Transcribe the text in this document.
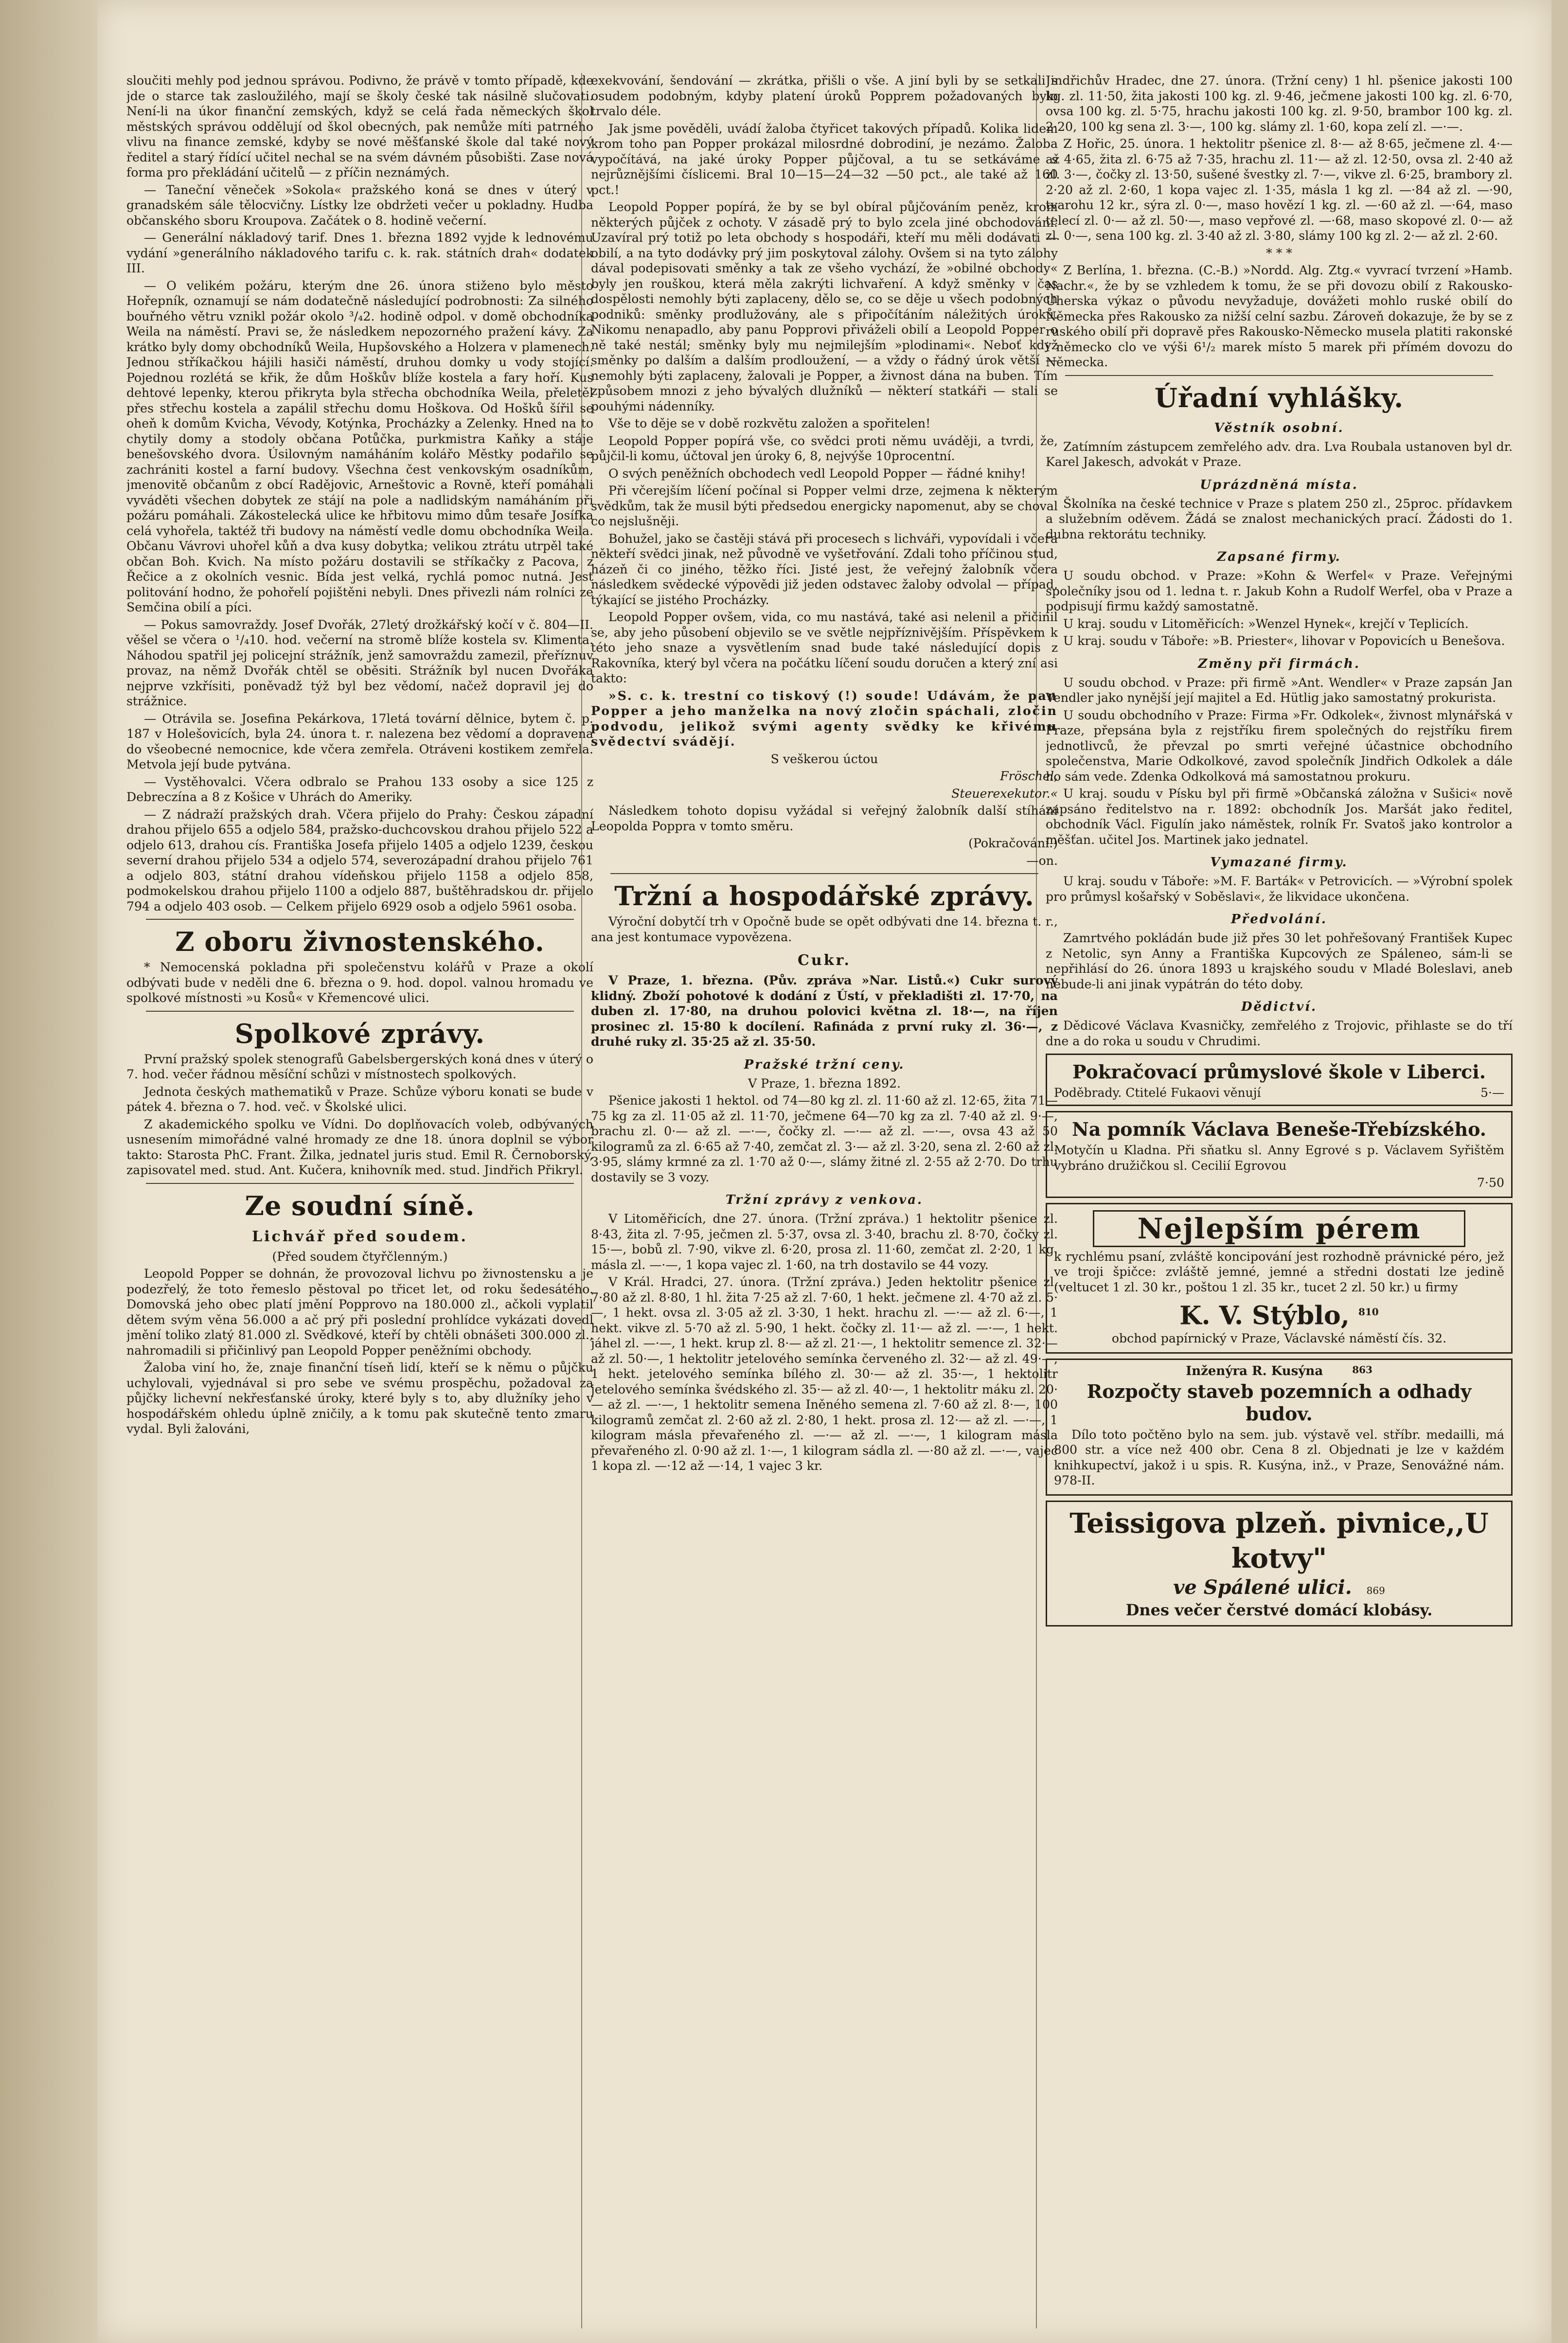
sloučiti mehly pod jednou správou. Podivno, že právě v tomto případě, kde jde o starce tak zasloužilého, mají se školy české tak násilně slučovati. Není-li na úkor finanční zemských, když se celá řada německých škol městských správou oddělují od škol obecných, pak nemůže míti patrného vlivu na finance zemské, kdyby se nové měšťanské škole dal také nový ředitel a starý řídící učitel nechal se na svém dávném působišti. Zase nová forma pro překládání učitelů — z příčin neznámých.

— Taneční věneček »Sokola« pražského koná se dnes v úterý v granadském sále tělocvičny. Lístky lze obdržeti večer u pokladny. Hudba občanského sboru Kroupova. Začátek o 8. hodině večerní.

— Generální nákladový tarif. Dnes 1. března 1892 vyjde k lednovému vydání »generálního nákladového tarifu c. k. rak. státních drah« dodatek III.

— O velikém požáru, kterým dne 26. února stiženo bylo město Hořepník, oznamují se nám dodatečně následující podrobnosti: Za silného bouřného větru vznikl požár okolo ³/₄2. hodině odpol. v domě obchodníka Weila na náměstí. Pravi se, že následkem nepozorného pražení kávy. Za krátko byly domy obchodníků Weila, Hupšovského a Holzera v plamenech. Jednou stříkačkou hájili hasiči náměstí, druhou domky u vody stojící. Pojednou rozlétá se křik, že dům Hoškův blíže kostela a fary hoří. Kus dehtové lepenky, kterou přikryta byla střecha obchodníka Weila, přeletěl přes střechu kostela a zapálil střechu domu Hoškova. Od Hošků šířil se oheň k domům Kvicha, Vévody, Kotýnka, Procházky a Zelenky. Hned na to chytily domy a stodoly občana Potůčka, purkmistra Kaňky a stáje benešovského dvora. Úsilovným namáháním kolářo Městky podařilo se zachrániti kostel a farní budovy. Všechna čest venkovským osadníkům, jmenovitě občanům z obcí Radějovic, Arneštovic a Rovně, kteří pomáhali vyváděti všechen dobytek ze stájí na pole a nadlidským namáháním při požáru pomáhali. Zákostelecká ulice ke hřbitovu mimo dům tesaře Josífka celá vyhořela, taktéž tři budovy na náměstí vedle domu obchodníka Weila. Občanu Vávrovi uhořel kůň a dva kusy dobytka; velikou ztrátu utrpěl také občan Boh. Kvich. Na místo požáru dostavili se stříkačky z Pacova, z Řečice a z okolních vesnic. Bída jest velká, rychlá pomoc nutná. Jest politování hodno, že pohořelí pojištěni nebyli. Dnes přivezli nám rolníci ze Semčina obilí a píci.

— Pokus samovraždy. Josef Dvořák, 27letý drožkářský kočí v č. 804—II. věšel se včera o ¹/₄10. hod. večerní na stromě blíže kostela sv. Klimenta. Náhodou spatřil jej policejní strážník, jenž samovraždu zamezil, přeříznuv provaz, na němž Dvořák chtěl se oběsiti. Strážník byl nucen Dvořáka nejprve vzkřísiti, poněvadž týž byl bez vědomí, načež dopravil jej do strážnice.

— Otrávila se. Josefina Pekárkova, 17letá tovární dělnice, bytem č. p. 187 v Holešovicích, byla 24. února t. r. nalezena bez vědomí a dopravena do všeobecné nemocnice, kde včera zemřela. Otráveni kostikem zemřela. Metvola její bude pytvána.

— Vystěhovalci. Včera odbralo se Prahou 133 osoby a sice 125 z Debreczína a 8 z Košice v Uhrách do Ameriky.

— Z nádraží pražských drah. Včera přijelo do Prahy: Českou západní drahou přijelo 655 a odjelo 584, pražsko-duchcovskou drahou přijelo 522 a odjelo 613, drahou cís. Františka Josefa přijelo 1405 a odjelo 1239, českou severní drahou přijelo 534 a odjelo 574, severozápadní drahou přijelo 761 a odjelo 803, státní drahou vídeňskou přijelo 1158 a odjelo 858, podmokelskou drahou přijelo 1100 a odjelo 887, buštěhradskou dr. přijelo 794 a odjelo 403 osob. — Celkem přijelo 6929 osob a odjelo 5961 osoba.

Z oboru živnostenského.

* Nemocenská pokladna při společenstvu kolářů v Praze a okolí odbývati bude v neděli dne 6. března o 9. hod. dopol. valnou hromadu ve spolkové místnosti »u Kosů« v Křemencové ulici.

Spolkové zprávy.

První pražský spolek stenografů Gabelsbergerských koná dnes v úterý o 7. hod. večer řádnou měsíční schůzi v místnostech spolkových.

Jednota českých mathematiků v Praze. Schůze výboru konati se bude v pátek 4. března o 7. hod. več. v Školské ulici.

Z akademického spolku ve Vídni. Do doplňovacích voleb, odbývaných usnesením mimořádné valné hromady ze dne 18. února doplnil se výbor takto: Starosta PhC. Frant. Žilka, jednatel juris stud. Emil R. Černoborský, zapisovatel med. stud. Ant. Kučera, knihovník med. stud. Jindřich Přikryl.

Ze soudní síně.
Lichvář před soudem.

(Před soudem čtyřčlenným.)

Leopold Popper se dohnán, že provozoval lichvu po živnostensku a je podezřelý, že toto řemeslo pěstoval po třicet let, od roku šedesátého. Domovská jeho obec platí jmění Popprovo na 180.000 zl., ačkoli vyplatil dětem svým věna 56.000 a ač prý při poslední prohlídce vykázati dovedl jmění toliko zlatý 81.000 zl. Svědkové, kteří by chtěli obnášeti 300.000 zl., nahromadili si přičinlivý pan Leopold Popper peněžními obchody.

Žaloba viní ho, že, znaje finanční tíseň lidí, kteří se k němu o půjčku uchylovali, vyjednával si pro sebe ve svému prospěchu, požadoval za půjčky lichevní nekřesťanské úroky, které byly s to, aby dlužníky jeho v hospodářském ohledu úplně zničily, a k tomu pak skutečně tento zmaru vydal. Byli žalováni,

exekvování, šendování — zkrátka, přišli o vše. A jiní byli by se setkali s osudem podobným, kdyby platení úroků Popprem požadovaných bylo trvalo déle.

Jak jsme pověděli, uvádí žaloba čtyřicet takových případů. Kolika lidem krom toho pan Popper prokázal milosrdné dobrodiní, je nezámo. Žaloba vypočítává, na jaké úroky Popper půjčoval, a tu se setkáváme s nejrůznějšími číslicemi. Bral 10—15—24—32 —50 pct., ale také až 160 pct.!

Leopold Popper popírá, že by se byl obíral půjčováním peněz, krom některých půjček z ochoty. V zásadě prý to bylo zcela jiné obchodování. Uzavíral prý totiž po leta obchody s hospodáři, kteří mu měli dodávati — obilí, a na tyto dodávky prý jim poskytoval zálohy. Ovšem si na tyto zálohy dával podepisovati směnky a tak ze všeho vychází, že »obilné obchody« byly jen rouškou, která měla zakrýti lichvaření. A když směnky v čas dospělosti nemohly býti zaplaceny, dělo se, co se děje u všech podobných podniků: směnky prodlužovány, ale s připočítáním náležitých úroků. Nikomu nenapadlo, aby panu Popprovi přiváželi obilí a Leopold Popper o ně také nestál; směnky byly mu nejmilejším »plodinami«. Neboť když směnky po dalším a dalším prodloužení, — a vždy o řádný úrok větší — nemohly býti zaplaceny, žalovali je Popper, a živnost dána na buben. Tím způsobem mnozi z jeho bývalých dlužníků — některí statkáři — stali se pouhými nádenníky.

Vše to děje se v době rozkvětu založen a spořitelen!

Leopold Popper popírá vše, co svědci proti němu uváději, a tvrdi, že, půjčil-li komu, účtoval jen úroky 6, 8, nejvýše 10procentní.

O svých peněžních obchodech vedl Leopold Popper — řádné knihy!

Při včerejším líčení počínal si Popper velmi drze, zejmena k některým svědkům, tak že musil býti předsedou energicky napomenut, aby se choval co nejslušněji.

Bohužel, jako se častěji stává při procesech s lichváři, vypovídali i včera někteří svědci jinak, než původně ve vyšetřování. Zdali toho příčinou stud, házeň či co jiného, těžko říci. Jisté jest, že veřejný žalobník včera následkem svědecké výpovědi již jeden odstavec žaloby odvolal — případ, týkající se jistého Procházky.

Leopold Popper ovšem, vida, co mu nastává, také asi nelenil a přičinil se, aby jeho působení objevilo se ve světle nejpříznivějším. Příspěvkem k této jeho snaze a vysvětlením snad bude také následující dopis z Rakovníka, který byl včera na počátku líčení soudu doručen a který zní asi takto:

»S. c. k. trestní co tiskový (!) soude! Udávám, že pan Popper a jeho manželka na nový zločin spáchali, zločin podvodu, jelikož svými agenty svědky ke křivému svědectví svádějí.

S veškerou úctou

Fröschel,

Steuerexekutor.«

Následkem tohoto dopisu vyžádal si veřejný žalobník další stíhání Leopolda Poppra v tomto směru.

(Pokračování.)

—on.

Tržní a hospodářské zprávy.

Výroční dobytčí trh v Opočně bude se opět odbývati dne 14. března t. r., ana jest kontumace vypovězena.

Cukr.

V Praze, 1. března. (Pův. zpráva »Nar. Listů.«) Cukr surový klidný. Zboží pohotové k dodání z Ústí, v překladišti zl. 17·70, na duben zl. 17·80, na druhou polovici května zl. 18·—, na říjen prosinec zl. 15·80 k docílení. Rafináda z první ruky zl. 36·—, z druhé ruky zl. 35·25 až zl. 35·50.

Pražské tržní ceny.

V Praze, 1. března 1892.

Pšenice jakosti 1 hektol. od 74—80 kg zl. zl. 11·60 až zl. 12·65, žita 71—75 kg za zl. 11·05 až zl. 11·70, ječmene 64—70 kg za zl. 7·40 až zl. 9·—, brachu zl. 0·— až zl. —·—, čočky zl. —·— až zl. —·—, ovsa 43 až 50 kilogramů za zl. 6·65 až 7·40, zemčat zl. 3·— až zl. 3·20, sena zl. 2·60 až zl. 3·95, slámy krmné za zl. 1·70 až 0·—, slámy žitné zl. 2·55 až 2·70. Do trhu dostavily se 3 vozy.

Tržní zprávy z venkova.

V Litoměřicích, dne 27. února. (Tržní zpráva.) 1 hektolitr pšenice zl. 8·43, žita zl. 7·95, ječmen zl. 5·37, ovsa zl. 3·40, brachu zl. 8·70, čočky zl. 15·—, bobů zl. 7·90, vikve zl. 6·20, prosa zl. 11·60, zemčat zl. 2·20, 1 kg. másla zl. —·—, 1 kopa vajec zl. 1·60, na trh dostavilo se 44 vozy.

V Král. Hradci, 27. února. (Tržní zpráva.) Jeden hektolitr pšenice zl. 7·80 až zl. 8·80, 1 hl. žita 7·25 až zl. 7·60, 1 hekt. ječmene zl. 4·70 až zl. 5·—, 1 hekt. ovsa zl. 3·05 až zl. 3·30, 1 hekt. hrachu zl. —·— až zl. 6·—, 1 hekt. vikve zl. 5·70 až zl. 5·90, 1 hekt. čočky zl. 11·— až zl. —·—, 1 hekt. jáhel zl. —·—, 1 hekt. krup zl. 8·— až zl. 21·—, 1 hektolitr semence zl. 32·— až zl. 50·—, 1 hektolitr jetelového semínka červeného zl. 32·— až zl. 49·—, 1 hekt. jetelového semínka bílého zl. 30·— až zl. 35·—, 1 hektolitr jetelového semínka švédského zl. 35·— až zl. 40·—, 1 hektolitr máku zl. 20·— až zl. —·—, 1 hektolitr semena Iněného semena zl. 7·60 až zl. 8·—, 100 kilogramů zemčat zl. 2·60 až zl. 2·80, 1 hekt. prosa zl. 12·— až zl. —·—, 1 kilogram másla převařeného zl. —·— až zl. —·—, 1 kilogram másla převařeného zl. 0·90 až zl. 1·—, 1 kilogram sádla zl. —·80 až zl. —·—, vajec 1 kopa zl. —·12 až —·14, 1 vajec 3 kr.

Jindřichův Hradec, dne 27. února. (Tržní ceny) 1 hl. pšenice jakosti 100 kg. zl. 11·50, žita jakosti 100 kg. zl. 9·46, ječmene jakosti 100 kg. zl. 6·70, ovsa 100 kg. zl. 5·75, hrachu jakosti 100 kg. zl. 9·50, brambor 100 kg. zl. 2·20, 100 kg sena zl. 3·—, 100 kg. slámy zl. 1·60, kopa zelí zl. —·—.

Z Hořic, 25. února. 1 hektolitr pšenice zl. 8·— až 8·65, ječmene zl. 4·— až 4·65, žita zl. 6·75 až 7·35, hrachu zl. 11·— až zl. 12·50, ovsa zl. 2·40 až zl. 3·—, čočky zl. 13·50, sušené švestky zl. 7·—, vikve zl. 6·25, brambory zl. 2·20 až zl. 2·60, 1 kopa vajec zl. 1·35, másla 1 kg zl. —·84 až zl. —·90, tvarohu 12 kr., sýra zl. 0·—, maso hovězí 1 kg. zl. —·60 až zl. —·64, maso telecí zl. 0·— až zl. 50·—, maso vepřové zl. —·68, maso skopové zl. 0·— až zl. 0·—, sena 100 kg. zl. 3·40 až zl. 3·80, slámy 100 kg zl. 2·— až zl. 2·60.

* * *

Z Berlína, 1. března. (C.-B.) »Nordd. Alg. Ztg.« vyvrací tvrzení »Hamb. Nachr.«, že by se vzhledem k tomu, že se při dovozu obilí z Rakousko-Uherska výkaz o původu nevyžaduje, dovážeti mohlo ruské obilí do Německa přes Rakousko za nižší celní sazbu. Zároveň dokazuje, že by se z ruského obilí při dopravě přes Rakousko-Německo musela platiti rakonské i německo clo ve výši 6¹/₂ marek místo 5 marek při přímém dovozu do Německa.

Úřadní vyhlášky.
Věstník osobní.

Zatímním zástupcem zemřelého adv. dra. Lva Roubala ustanoven byl dr. Karel Jakesch, advokát v Praze.

Uprázdněná místa.

Školníka na české technice v Praze s platem 250 zl., 25proc. přídavkem a služebním oděvem. Žádá se znalost mechanických prací. Žádosti do 1. dubna rektorátu techniky.

Zapsané firmy.

U soudu obchod. v Praze: »Kohn & Werfel« v Praze. Veřejnými společníky jsou od 1. ledna t. r. Jakub Kohn a Rudolf Werfel, oba v Praze a podpisují firmu každý samostatně.

U kraj. soudu v Litoměřicích: »Wenzel Hynek«, krejčí v Teplicích.

U kraj. soudu v Táboře: »B. Priester«, lihovar v Popovicích u Benešova.

Změny při firmách.

U soudu obchod. v Praze: při firmě »Ant. Wendler« v Praze zapsán Jan Vendler jako nynější její majitel a Ed. Hütlig jako samostatný prokurista.

U soudu obchodního v Praze: Firma »Fr. Odkolek«, živnost mlynářská v Praze, přepsána byla z rejstříku firem společných do rejstříku firem jednotlivců, že převzal po smrti veřejné účastnice obchodního společenstva, Marie Odkolkové, zavod společník Jindřich Odkolek a dále ho sám vede. Zdenka Odkolková má samostatnou prokuru.

U kraj. soudu v Písku byl při firmě »Občanská záložna v Sušici« nově zapsáno ředitelstvo na r. 1892: obchodník Jos. Maršát jako ředitel, obchodník Václ. Figulín jako náměstek, rolník Fr. Svatoš jako kontrolor a měšťan. učitel Jos. Martinek jako jednatel.

Vymazané firmy.

U kraj. soudu v Táboře: »M. F. Barták« v Petrovicích. — »Výrobní spolek pro průmysl košařský v Soběslavi«, že likvidace ukončena.

Předvolání.

Zamrtvého pokládán bude již přes 30 let pohřešovaný František Kupec z Netolic, syn Anny a Františka Kupcových ze Spáleneo, sám-li se nepřihlásí do 26. února 1893 u krajského soudu v Mladé Boleslavi, aneb nebude-li ani jinak vypátrán do této doby.

Dědictví.

Dědicové Václava Kvasničky, zemřelého z Trojovic, přihlaste se do tří dne a do roka u soudu v Chrudimi.

Pokračovací průmyslové škole v Liberci.
Poděbrady. Ctitelé Fukaovi věnují	5·—
Na pomník Václava Beneše-Třebízského.

Motyčín u Kladna. Při sňatku sl. Anny Egrové s p. Václavem Syřištěm vybráno družičkou sl. Cecilií Egrovou

7·50

Nejlepším pérem

k rychlému psaní, zvláště koncipování jest rozhodně právnické péro, jež ve troji špičce: zvláště jemné, jemné a středni dostati lze jedině (veltucet 1 zl. 30 kr., poštou 1 zl. 35 kr., tucet 2 zl. 50 kr.) u firmy

K. V. Stýblo, $^{810}$

obchod papírnický v Praze, Václavské náměstí čís. 32.

Inženýra R. Kusýna	863
Rozpočty staveb pozemních a odhady budov.

Dílo toto počtěno bylo na sem. jub. výstavě vel. stříbr. medailli, má 800 str. a více než 400 obr. Cena 8 zl. Objednati je lze v každém knihkupectví, jakož i u spis. R. Kusýna, inž., v Praze, Senovážné nám. 978-II.

Teissigova plzeň. pivnice,,U kotvy"
ve Spálené ulici. 869
Dnes večer čerstvé domácí klobásy.
